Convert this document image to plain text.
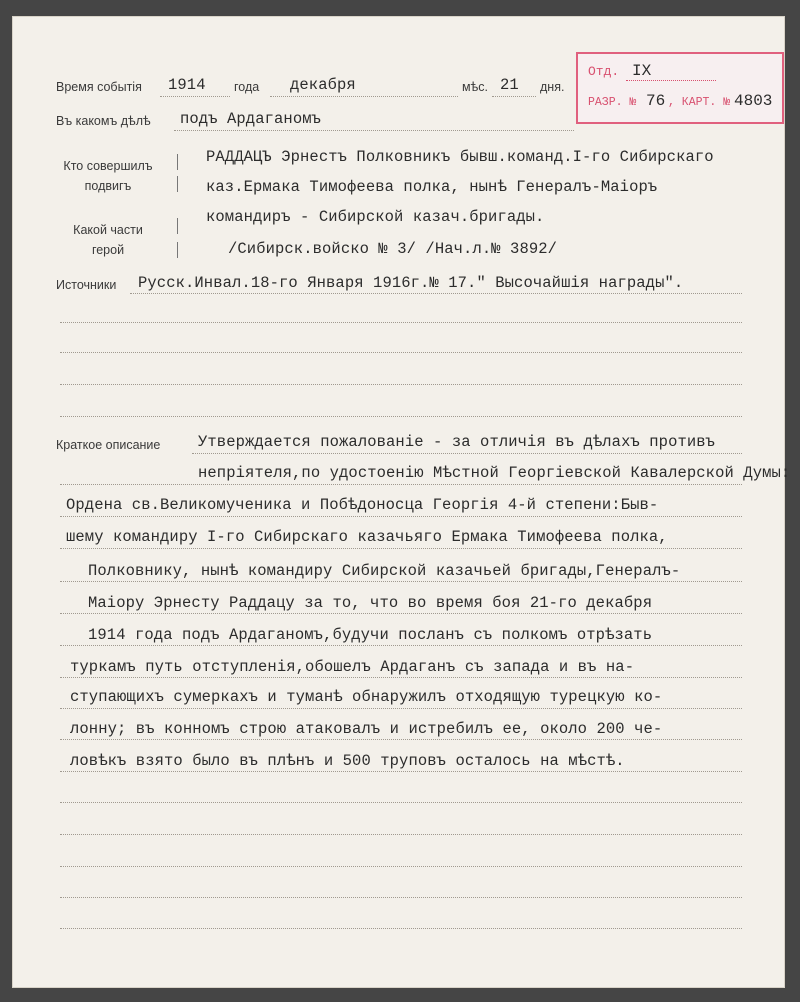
Время событія 1914 года декабря	мѣс. 21 дня.
Отд. IX
РАЗР. № 76 , КАРТ. № 4803
Въ какомъ дѣлѣ подъ Ардаганомъ
Кто совершилъ
подвигъ
РАДДАЦЪ Эрнестъ Полковникъ бывш.команд.I-го Сибирскаго
каз.Ермака Тимофеева полка, нынѣ Генералъ-Маіоръ
Какой части
герой
командиръ - Сибирской казач.бригады.
/Сибирск.войско № 3/ /Нач.л.№ 3892/
Источники Русск.Инвал.18-го Января 1916г.№ 17." Высочайшія награды".
Краткое описание Утверждается пожалованіе - за отличія въ дѣлахъ противъ
непріятеля,по удостоенію Мѣстной Георгіевской Кавалерской Думы:
Ордена св.Великомученика и Побѣдоносца Георгія 4-й степени:Быв-
шему командиру I-го Сибирскаго казачьяго Ермака Тимофеева полка,
Полковнику, нынѣ командиру Сибирской казачьей бригады,Генералъ-
Маіору Эрнесту Раддацу за то, что во время боя 21-го декабря
1914 года подъ Ардаганомъ,будучи посланъ съ полкомъ отрѣзать
туркамъ путь отступленія,обошелъ Ардаганъ съ запада и въ на-
ступающихъ сумеркахъ и туманѣ обнаружилъ отходящую турецкую ко-
лонну; въ конномъ строю атаковалъ и истребилъ ее, около 200 че-
ловѣкъ взято было въ плѣнъ и 500 труповъ осталось на мѣстѣ.
